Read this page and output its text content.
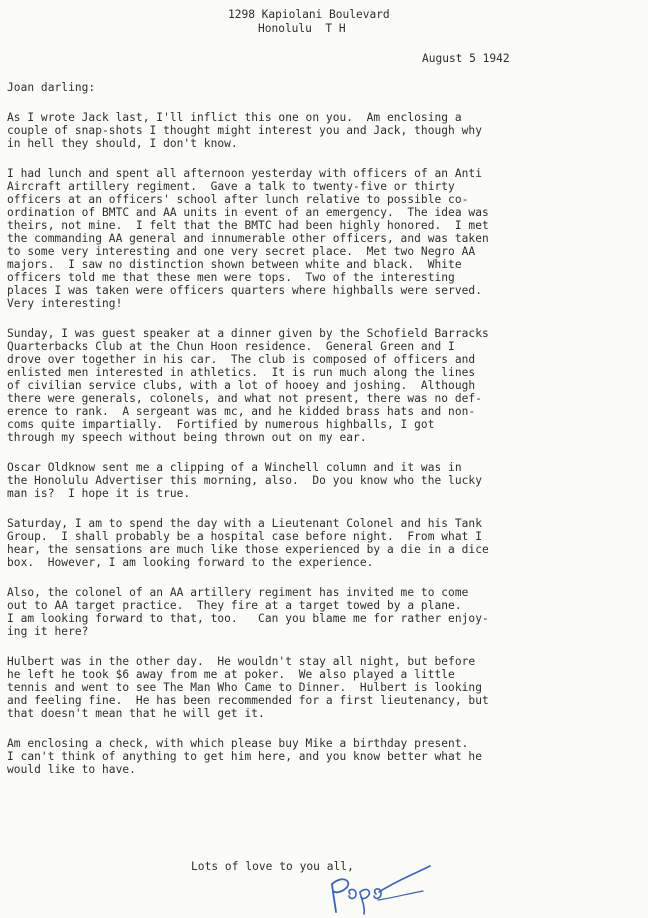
1298 Kapiolani Boulevard
Honolulu  T H
August 5 1942
Joan darling:
As I wrote Jack last, I'll inflict this one on you.  Am enclosing a
couple of snap-shots I thought might interest you and Jack, though why
in hell they should, I don't know.
I had lunch and spent all afternoon yesterday with officers of an Anti
Aircraft artillery regiment.  Gave a talk to twenty-five or thirty
officers at an officers' school after lunch relative to possible co-
ordination of BMTC and AA units in event of an emergency.  The idea was
theirs, not mine.  I felt that the BMTC had been highly honored.  I met
the commanding AA general and innumerable other officers, and was taken
to some very interesting and one very secret place.  Met two Negro AA
majors.  I saw no distinction shown between white and black.  White
officers told me that these men were tops.  Two of the interesting
places I was taken were officers quarters where highballs were served.
Very interesting!
Sunday, I was guest speaker at a dinner given by the Schofield Barracks
Quarterbacks Club at the Chun Hoon residence.  General Green and I
drove over together in his car.  The club is composed of officers and
enlisted men interested in athletics.  It is run much along the lines
of civilian service clubs, with a lot of hooey and joshing.  Although
there were generals, colonels, and what not present, there was no def-
erence to rank.  A sergeant was mc, and he kidded brass hats and non-
coms quite impartially.  Fortified by numerous highballs, I got
through my speech without being thrown out on my ear.
Oscar Oldknow sent me a clipping of a Winchell column and it was in
the Honolulu Advertiser this morning, also.  Do you know who the lucky
man is?  I hope it is true.
Saturday, I am to spend the day with a Lieutenant Colonel and his Tank
Group.  I shall probably be a hospital case before night.  From what I
hear, the sensations are much like those experienced by a die in a dice
box.  However, I am looking forward to the experience.
Also, the colonel of an AA artillery regiment has invited me to come
out to AA target practice.  They fire at a target towed by a plane.
I am looking forward to that, too.   Can you blame me for rather enjoy-
ing it here?
Hulbert was in the other day.  He wouldn't stay all night, but before
he left he took $6 away from me at poker.  We also played a little
tennis and went to see The Man Who Came to Dinner.  Hulbert is looking
and feeling fine.  He has been recommended for a first lieutenancy, but
that doesn't mean that he will get it.
Am enclosing a check, with which please buy Mike a birthday present.
I can't think of anything to get him here, and you know better what he
would like to have.
Lots of love to you all,
